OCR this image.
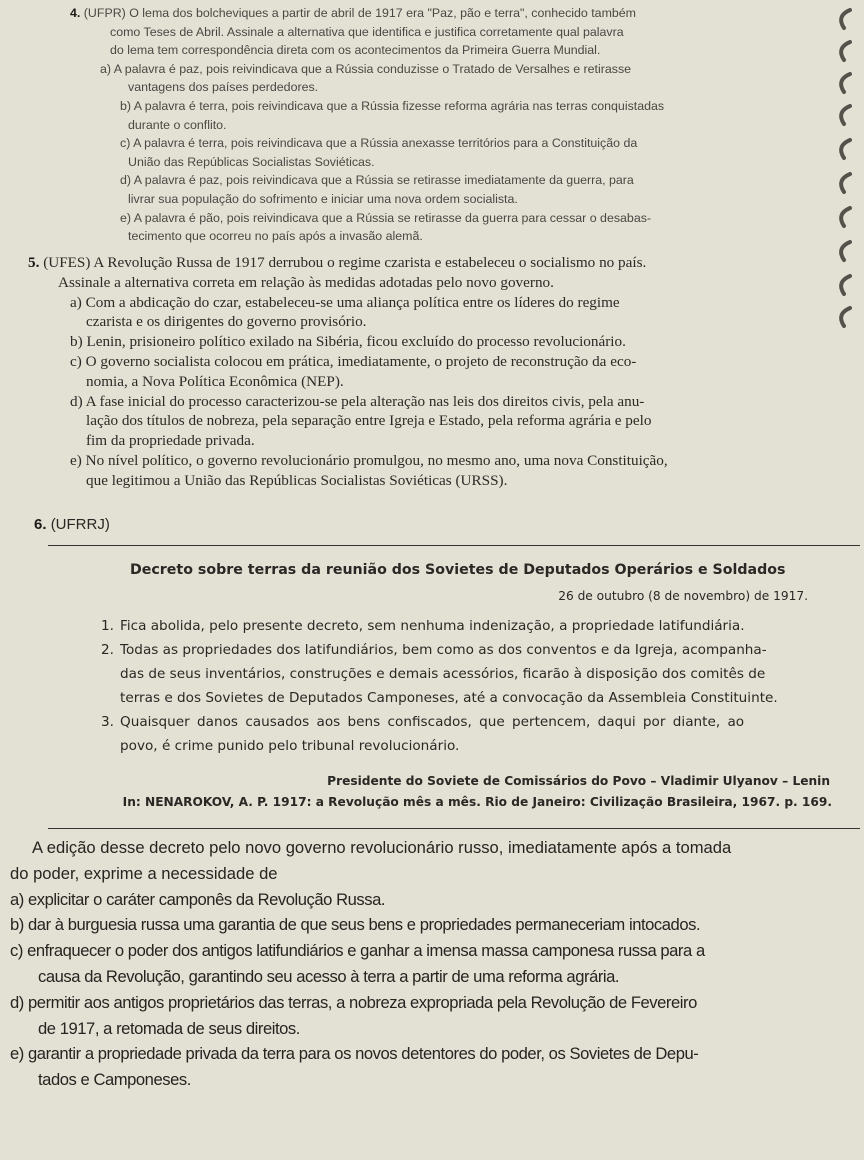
4. (UFPR) O lema dos bolcheviques a partir de abril de 1917 era "Paz, pão e terra", conhecido também
como Teses de Abril. Assinale a alternativa que identifica e justifica corretamente qual palavra
do lema tem correspondência direta com os acontecimentos da Primeira Guerra Mundial.
a) A palavra é paz, pois reivindicava que a Rússia conduzisse o Tratado de Versalhes e retirasse
vantagens dos países perdedores.
b) A palavra é terra, pois reivindicava que a Rússia fizesse reforma agrária nas terras conquistadas
durante o conflito.
c) A palavra é terra, pois reivindicava que a Rússia anexasse territórios para a Constituição da
União das Repúblicas Socialistas Soviéticas.
d) A palavra é paz, pois reivindicava que a Rússia se retirasse imediatamente da guerra, para
livrar sua população do sofrimento e iniciar uma nova ordem socialista.
e) A palavra é pão, pois reivindicava que a Rússia se retirasse da guerra para cessar o desabas-
tecimento que ocorreu no país após a invasão alemã.
5. (UFES) A Revolução Russa de 1917 derrubou o regime czarista e estabeleceu o socialismo no país.
Assinale a alternativa correta em relação às medidas adotadas pelo novo governo.
a) Com a abdicação do czar, estabeleceu-se uma aliança política entre os líderes do regime
czarista e os dirigentes do governo provisório.
b) Lenin, prisioneiro político exilado na Sibéria, ficou excluído do processo revolucionário.
c) O governo socialista colocou em prática, imediatamente, o projeto de reconstrução da eco-
nomia, a Nova Política Econômica (NEP).
d) A fase inicial do processo caracterizou-se pela alteração nas leis dos direitos civis, pela anu-
lação dos títulos de nobreza, pela separação entre Igreja e Estado, pela reforma agrária e pelo
fim da propriedade privada.
e) No nível político, o governo revolucionário promulgou, no mesmo ano, uma nova Constituição,
que legitimou a União das Repúblicas Socialistas Soviéticas (URSS).
6. (UFRRJ)
Decreto sobre terras da reunião dos Sovietes de Deputados Operários e Soldados
26 de outubro (8 de novembro) de 1917.
1. Fica abolida, pelo presente decreto, sem nenhuma indenização, a propriedade latifundiária.
2. Todas as propriedades dos latifundiários, bem como as dos conventos e da Igreja, acompanha-
das de seus inventários, construções e demais acessórios, ficarão à disposição dos comitês de
terras e dos Sovietes de Deputados Camponeses, até a convocação da Assembleia Constituinte.
3. Quaisquer danos causados aos bens confiscados, que pertencem, daqui por diante, ao
povo, é crime punido pelo tribunal revolucionário.
Presidente do Soviete de Comissários do Povo – Vladimir Ulyanov – Lenin
In: NENAROKOV, A. P. 1917: a Revolução mês a mês. Rio de Janeiro: Civilização Brasileira, 1967. p. 169.
A edição desse decreto pelo novo governo revolucionário russo, imediatamente após a tomada
do poder, exprime a necessidade de
a) explicitar o caráter camponês da Revolução Russa.
b) dar à burguesia russa uma garantia de que seus bens e propriedades permaneceriam intocados.
c) enfraquecer o poder dos antigos latifundiários e ganhar a imensa massa camponesa russa para a
causa da Revolução, garantindo seu acesso à terra a partir de uma reforma agrária.
d) permitir aos antigos proprietários das terras, a nobreza expropriada pela Revolução de Fevereiro
de 1917, a retomada de seus direitos.
e) garantir a propriedade privada da terra para os novos detentores do poder, os Sovietes de Depu-
tados e Camponeses.
